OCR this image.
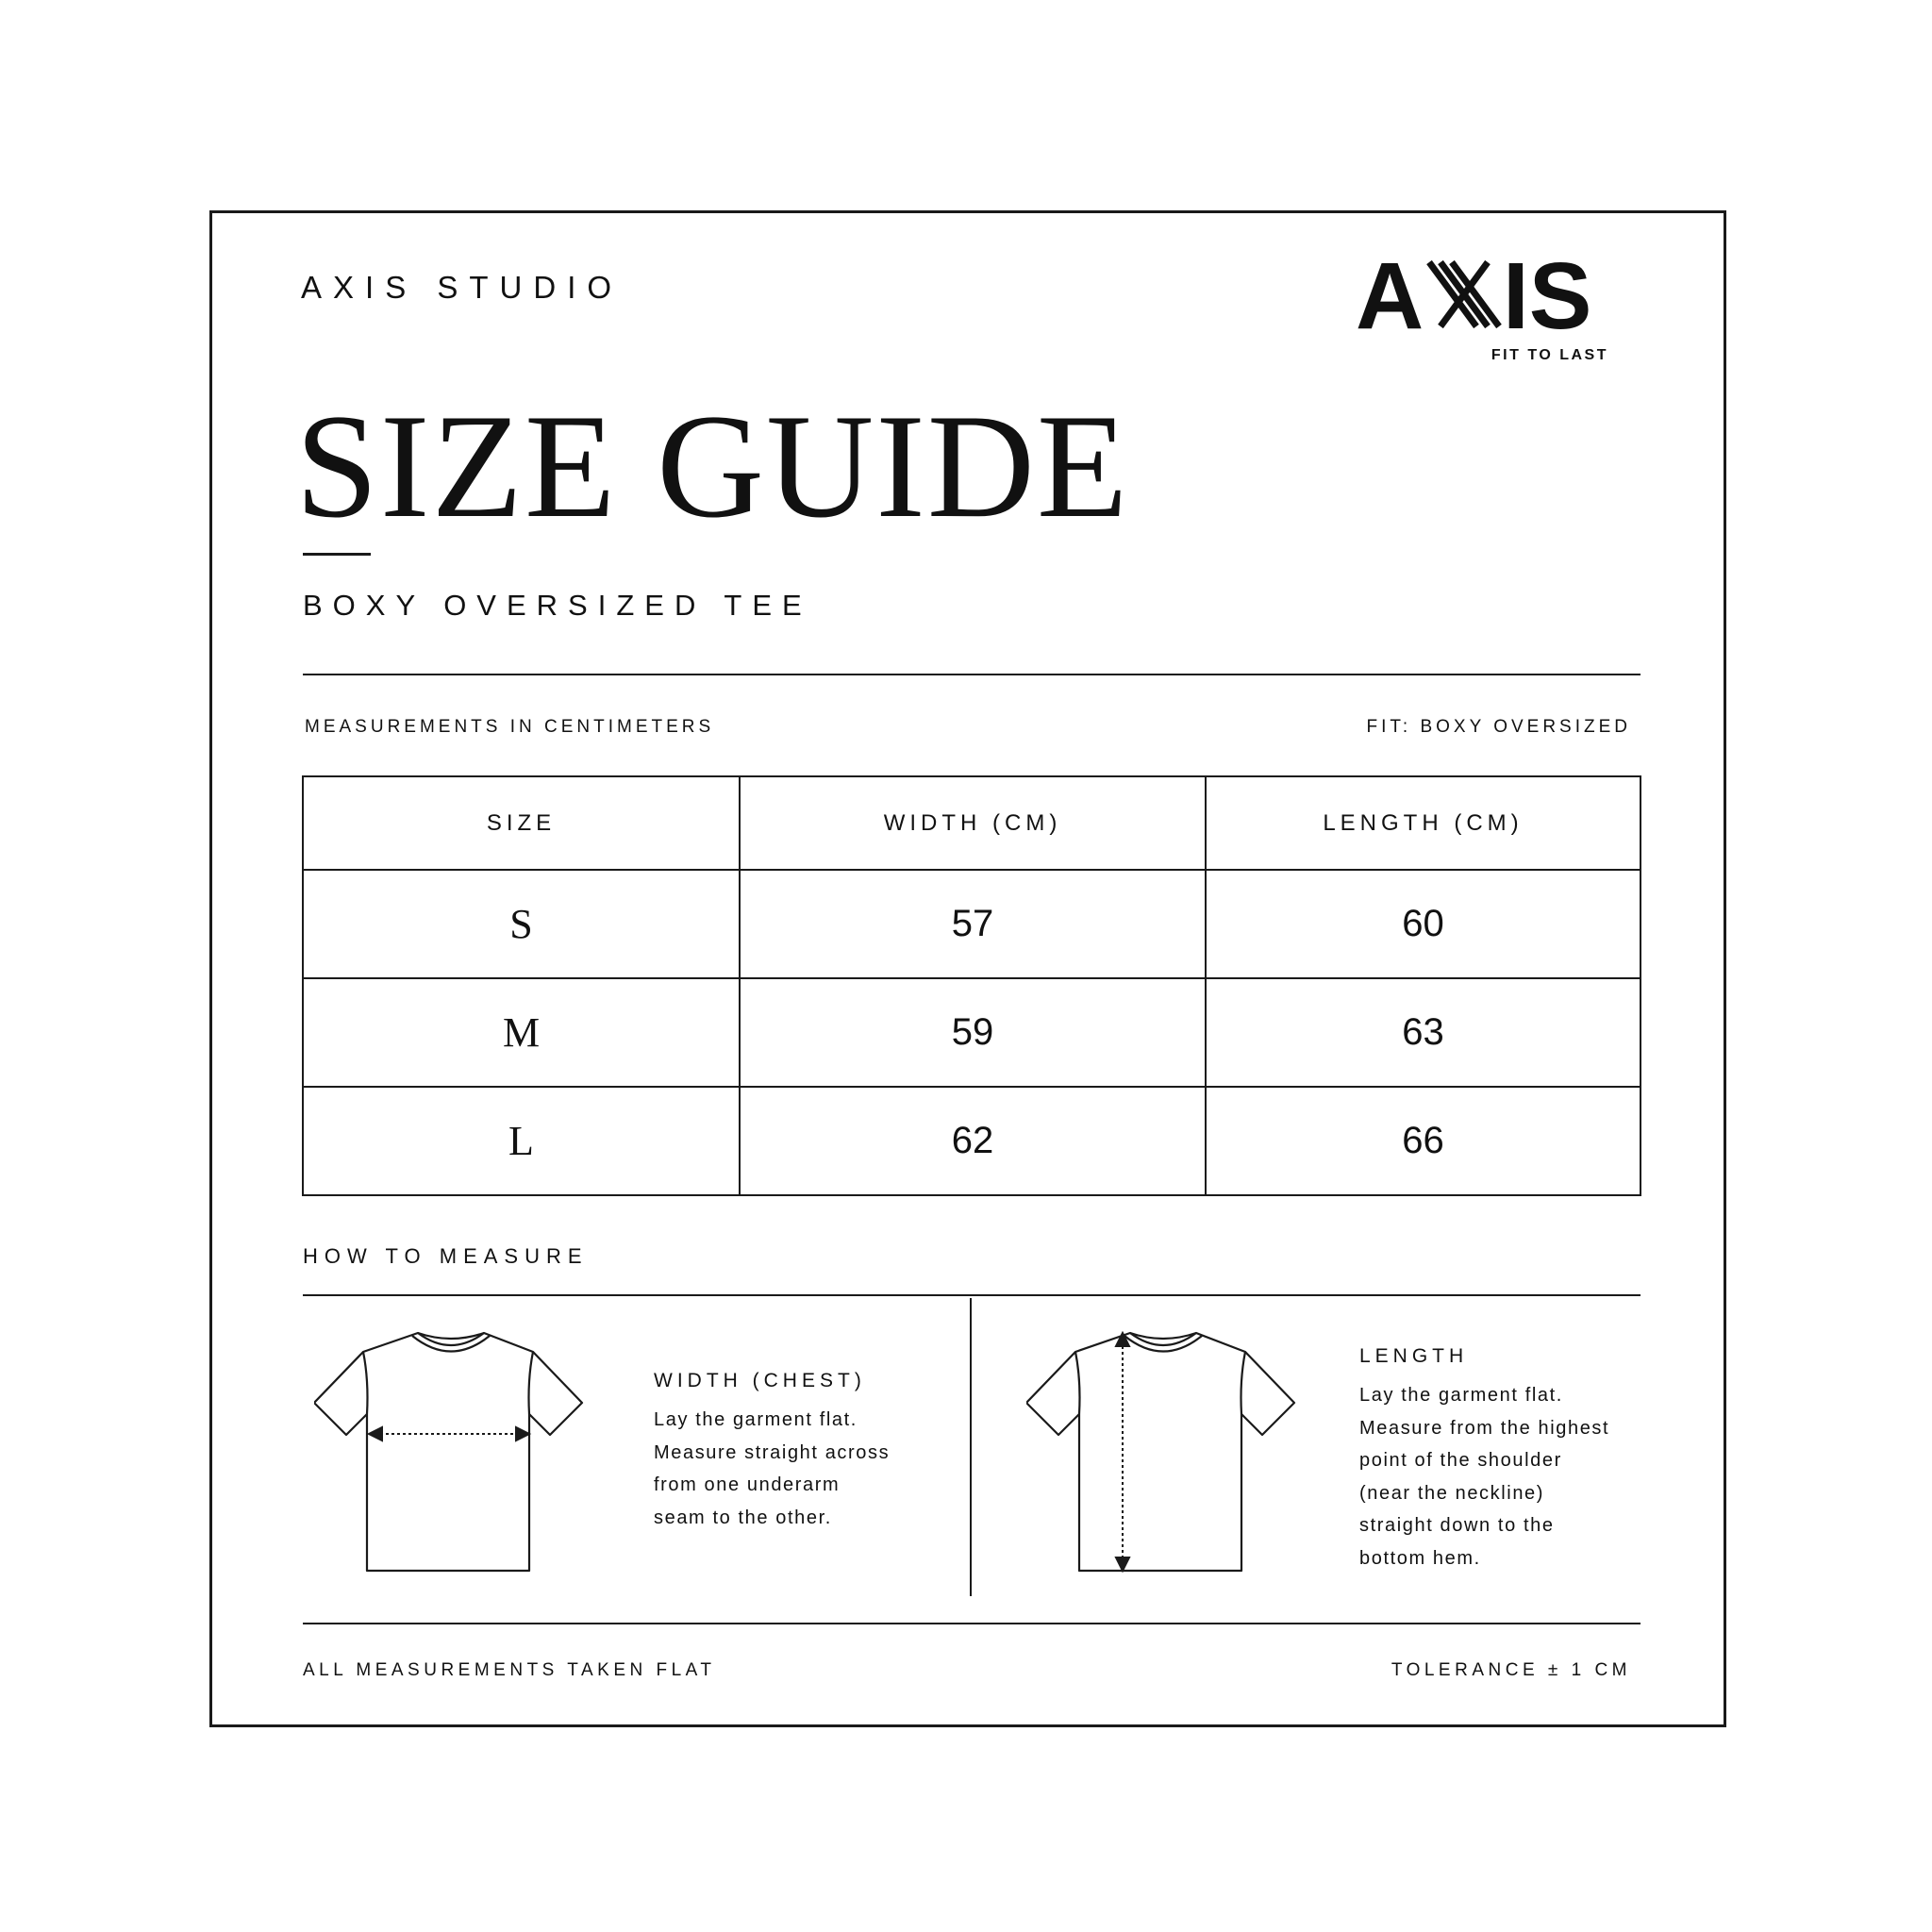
AXIS STUDIO	A IS
FIT TO LAST
SIZE GUIDE
BOXY OVERSIZED TEE
MEASUREMENTS IN CENTIMETERS	FIT: BOXY OVERSIZED
SIZE	WIDTH (CM)	LENGTH (CM)
S	57	60
M	59	63
L	62	66
HOW TO MEASURE
WIDTH (CHEST)
Lay the garment flat.
Measure straight across
from one underarm
seam to the other.
LENGTH
Lay the garment flat.
Measure from the highest
point of the shoulder
(near the neckline)
straight down to the
bottom hem.
ALL MEASUREMENTS TAKEN FLAT	TOLERANCE ± 1 CM
